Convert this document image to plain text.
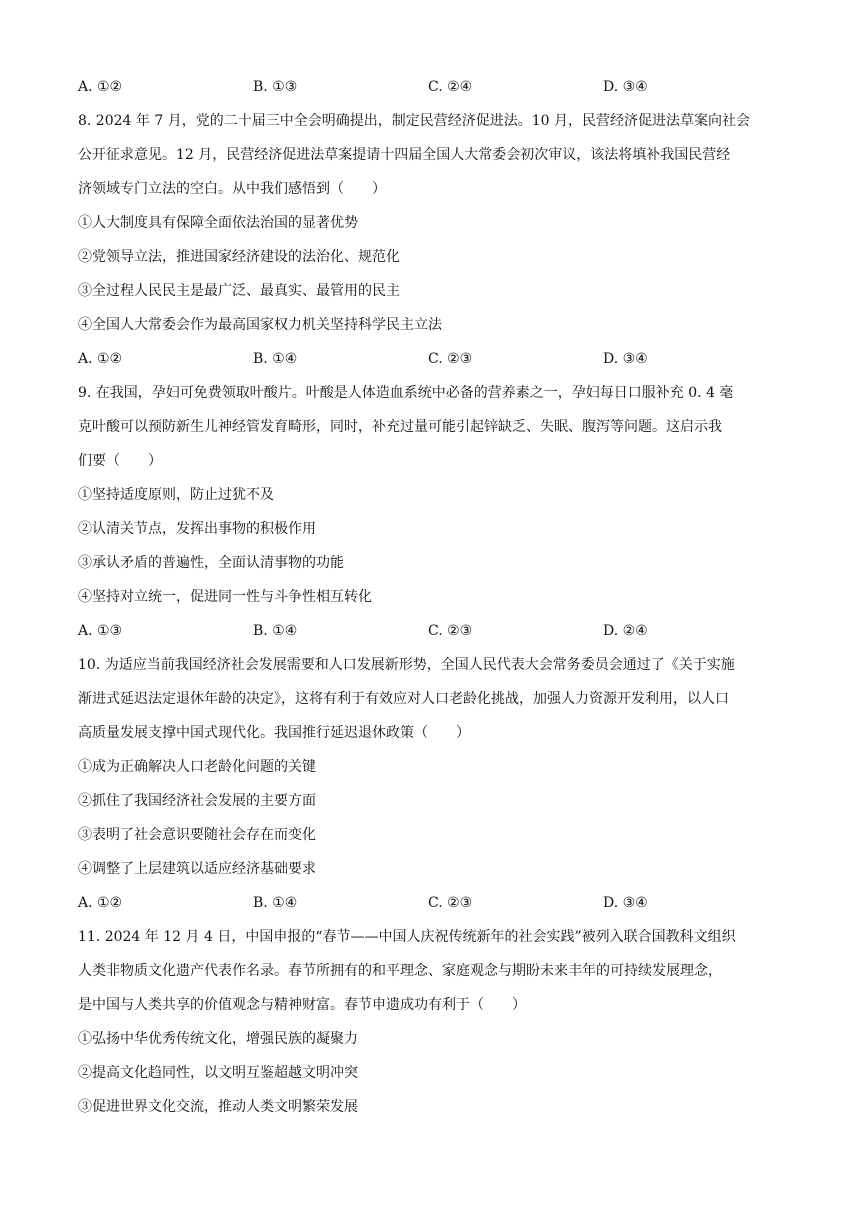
A. ①②	B. ①③	C. ②④	D. ③④
8. 2024 年 7 月，党的二十届三中全会明确提出，制定民营经济促进法。10 月，民营经济促进法草案向社会
公开征求意见。12 月，民营经济促进法草案提请十四届全国人大常委会初次审议，该法将填补我国民营经
济领域专门立法的空白。从中我们感悟到（　　）
①人大制度具有保障全面依法治国的显著优势
②党领导立法，推进国家经济建设的法治化、规范化
③全过程人民民主是最广泛、最真实、最管用的民主
④全国人大常委会作为最高国家权力机关坚持科学民主立法
A. ①②	B. ①④	C. ②③	D. ③④
9. 在我国，孕妇可免费领取叶酸片。叶酸是人体造血系统中必备的营养素之一，孕妇每日口服补充 0. 4 毫
克叶酸可以预防新生儿神经管发育畸形，同时，补充过量可能引起锌缺乏、失眠、腹泻等问题。这启示我
们要（　　）
①坚持适度原则，防止过犹不及
②认清关节点，发挥出事物的积极作用
③承认矛盾的普遍性，全面认清事物的功能
④坚持对立统一，促进同一性与斗争性相互转化
A. ①③	B. ①④	C. ②③	D. ②④
10. 为适应当前我国经济社会发展需要和人口发展新形势，全国人民代表大会常务委员会通过了《关于实施
渐进式延迟法定退休年龄的决定》，这将有利于有效应对人口老龄化挑战，加强人力资源开发利用，以人口
高质量发展支撑中国式现代化。我国推行延迟退休政策（　　）
①成为正确解决人口老龄化问题的关键
②抓住了我国经济社会发展的主要方面
③表明了社会意识要随社会存在而变化
④调整了上层建筑以适应经济基础要求
A. ①②	B. ①④	C. ②③	D. ③④
11. 2024 年 12 月 4 日，中国申报的“春节——中国人庆祝传统新年的社会实践”被列入联合国教科文组织
人类非物质文化遗产代表作名录。春节所拥有的和平理念、家庭观念与期盼未来丰年的可持续发展理念，
是中国与人类共享的价值观念与精神财富。春节申遗成功有利于（　　）
①弘扬中华优秀传统文化，增强民族的凝聚力
②提高文化趋同性，以文明互鉴超越文明冲突
③促进世界文化交流，推动人类文明繁荣发展
